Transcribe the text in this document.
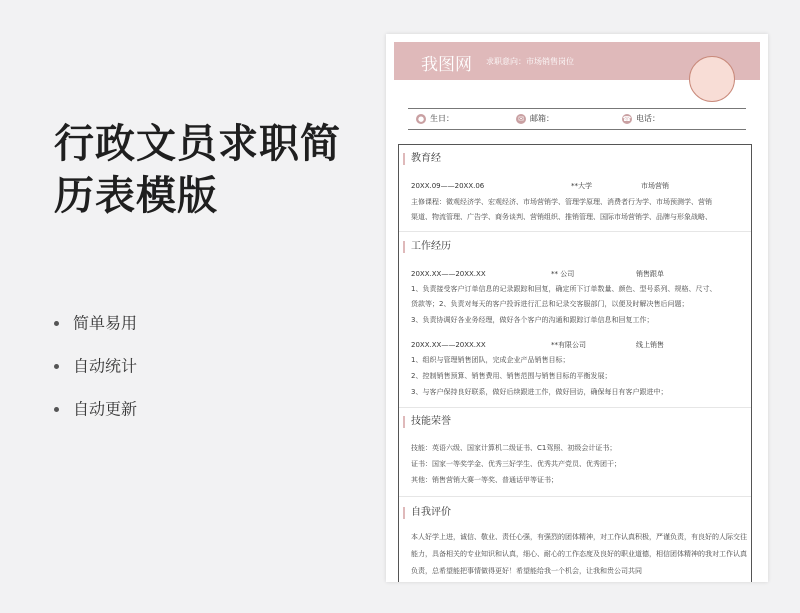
行政文员求职简历表模版
简单易用
自动统计
自动更新
我图网 求职意向：市场销售岗位
● 生日：	✉ 邮箱：	☎ 电话：
教育经
20XX.09——20XX.06	**大学	市场营销
主修课程：微观经济学、宏观经济、市场营销学、管理学原理、消费者行为学、市场预测学、营销
渠道、物流管理、广告学、商务谈判、营销组织、推销管理、国际市场营销学、品牌与形象战略、
工作经历
20XX.XX——20XX.XX	** 公司	销售跟单
1、负责接受客户订单信息的记录跟踪和回复，确定所下订单数量、颜色、型号系列、规格、尺寸、
货款等；2、负责对每天的客户投诉进行汇总和记录交客服部门，以便及时解决售后问题；
3、负责协调好各业务经理，做好各个客户的沟通和跟踪订单信息和回复工作；
20XX.XX——20XX.XX	**有限公司	线上销售
1、组织与管理销售团队，完成企业产品销售目标；
2、控制销售预算、销售费用、销售范围与销售目标的平衡发展；
3、与客户保持良好联系，做好后续跟进工作，做好回访，确保每日有客户跟进中；
技能荣誉
技能：英语六级、国家计算机二级证书、C1驾照、初级会计证书；
证书：国家一等奖学金、优秀三好学生、优秀共产党员、优秀团干；
其他：销售营销大赛一等奖、普通话甲等证书；
自我评价
本人好学上进，诚信、敬业、责任心强，有强烈的团体精神，对工作认真积极，严谨负责，有良好的人际交往能力，具备相关的专业知识和认真，细心、耐心的工作态度及良好的职业道德，相信团体精神的我对工作认真负责，总希望能把事情做得更好！希望能给我一个机会，让我和贵公司共同
